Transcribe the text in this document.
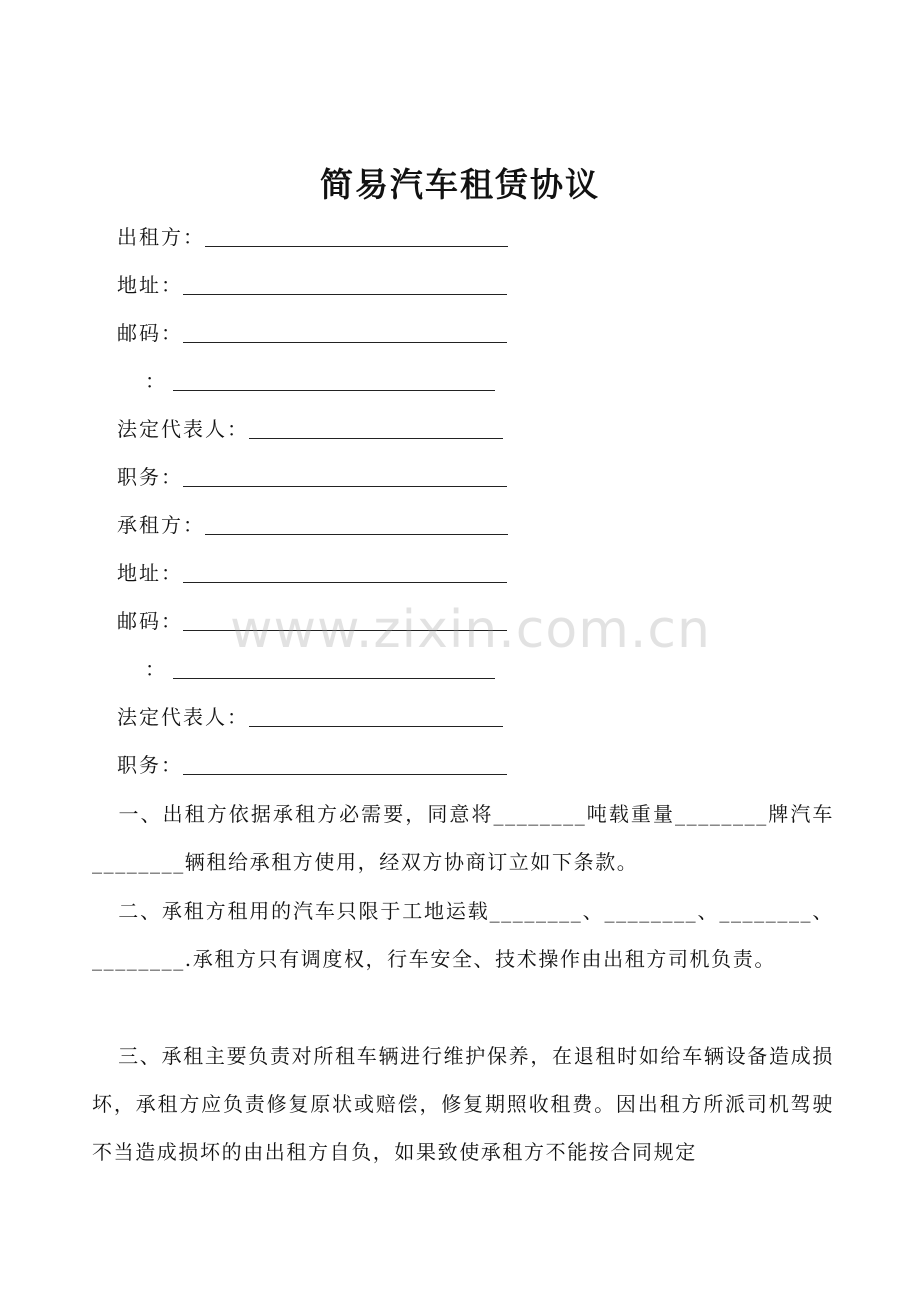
简易汽车租赁协议
出租方：
地址：
邮码：
：
法定代表人：
职务：
承租方：
地址：
邮码：
：
法定代表人：
职务：

一、出租方依据承租方必需要，同意将________吨载重量________牌汽车________辆租给承租方使用，经双方协商订立如下条款。

二、承租方租用的汽车只限于工地运载________、________、________、________.承租方只有调度权，行车安全、技术操作由出租方司机负责。

三、承租主要负责对所租车辆进行维护保养，在退租时如给车辆设备造成损坏，承租方应负责修复原状或赔偿，修复期照收租费。因出租方所派司机驾驶不当造成损坏的由出租方自负，如果致使承租方不能按合同规定

www.zixin.com.cn
